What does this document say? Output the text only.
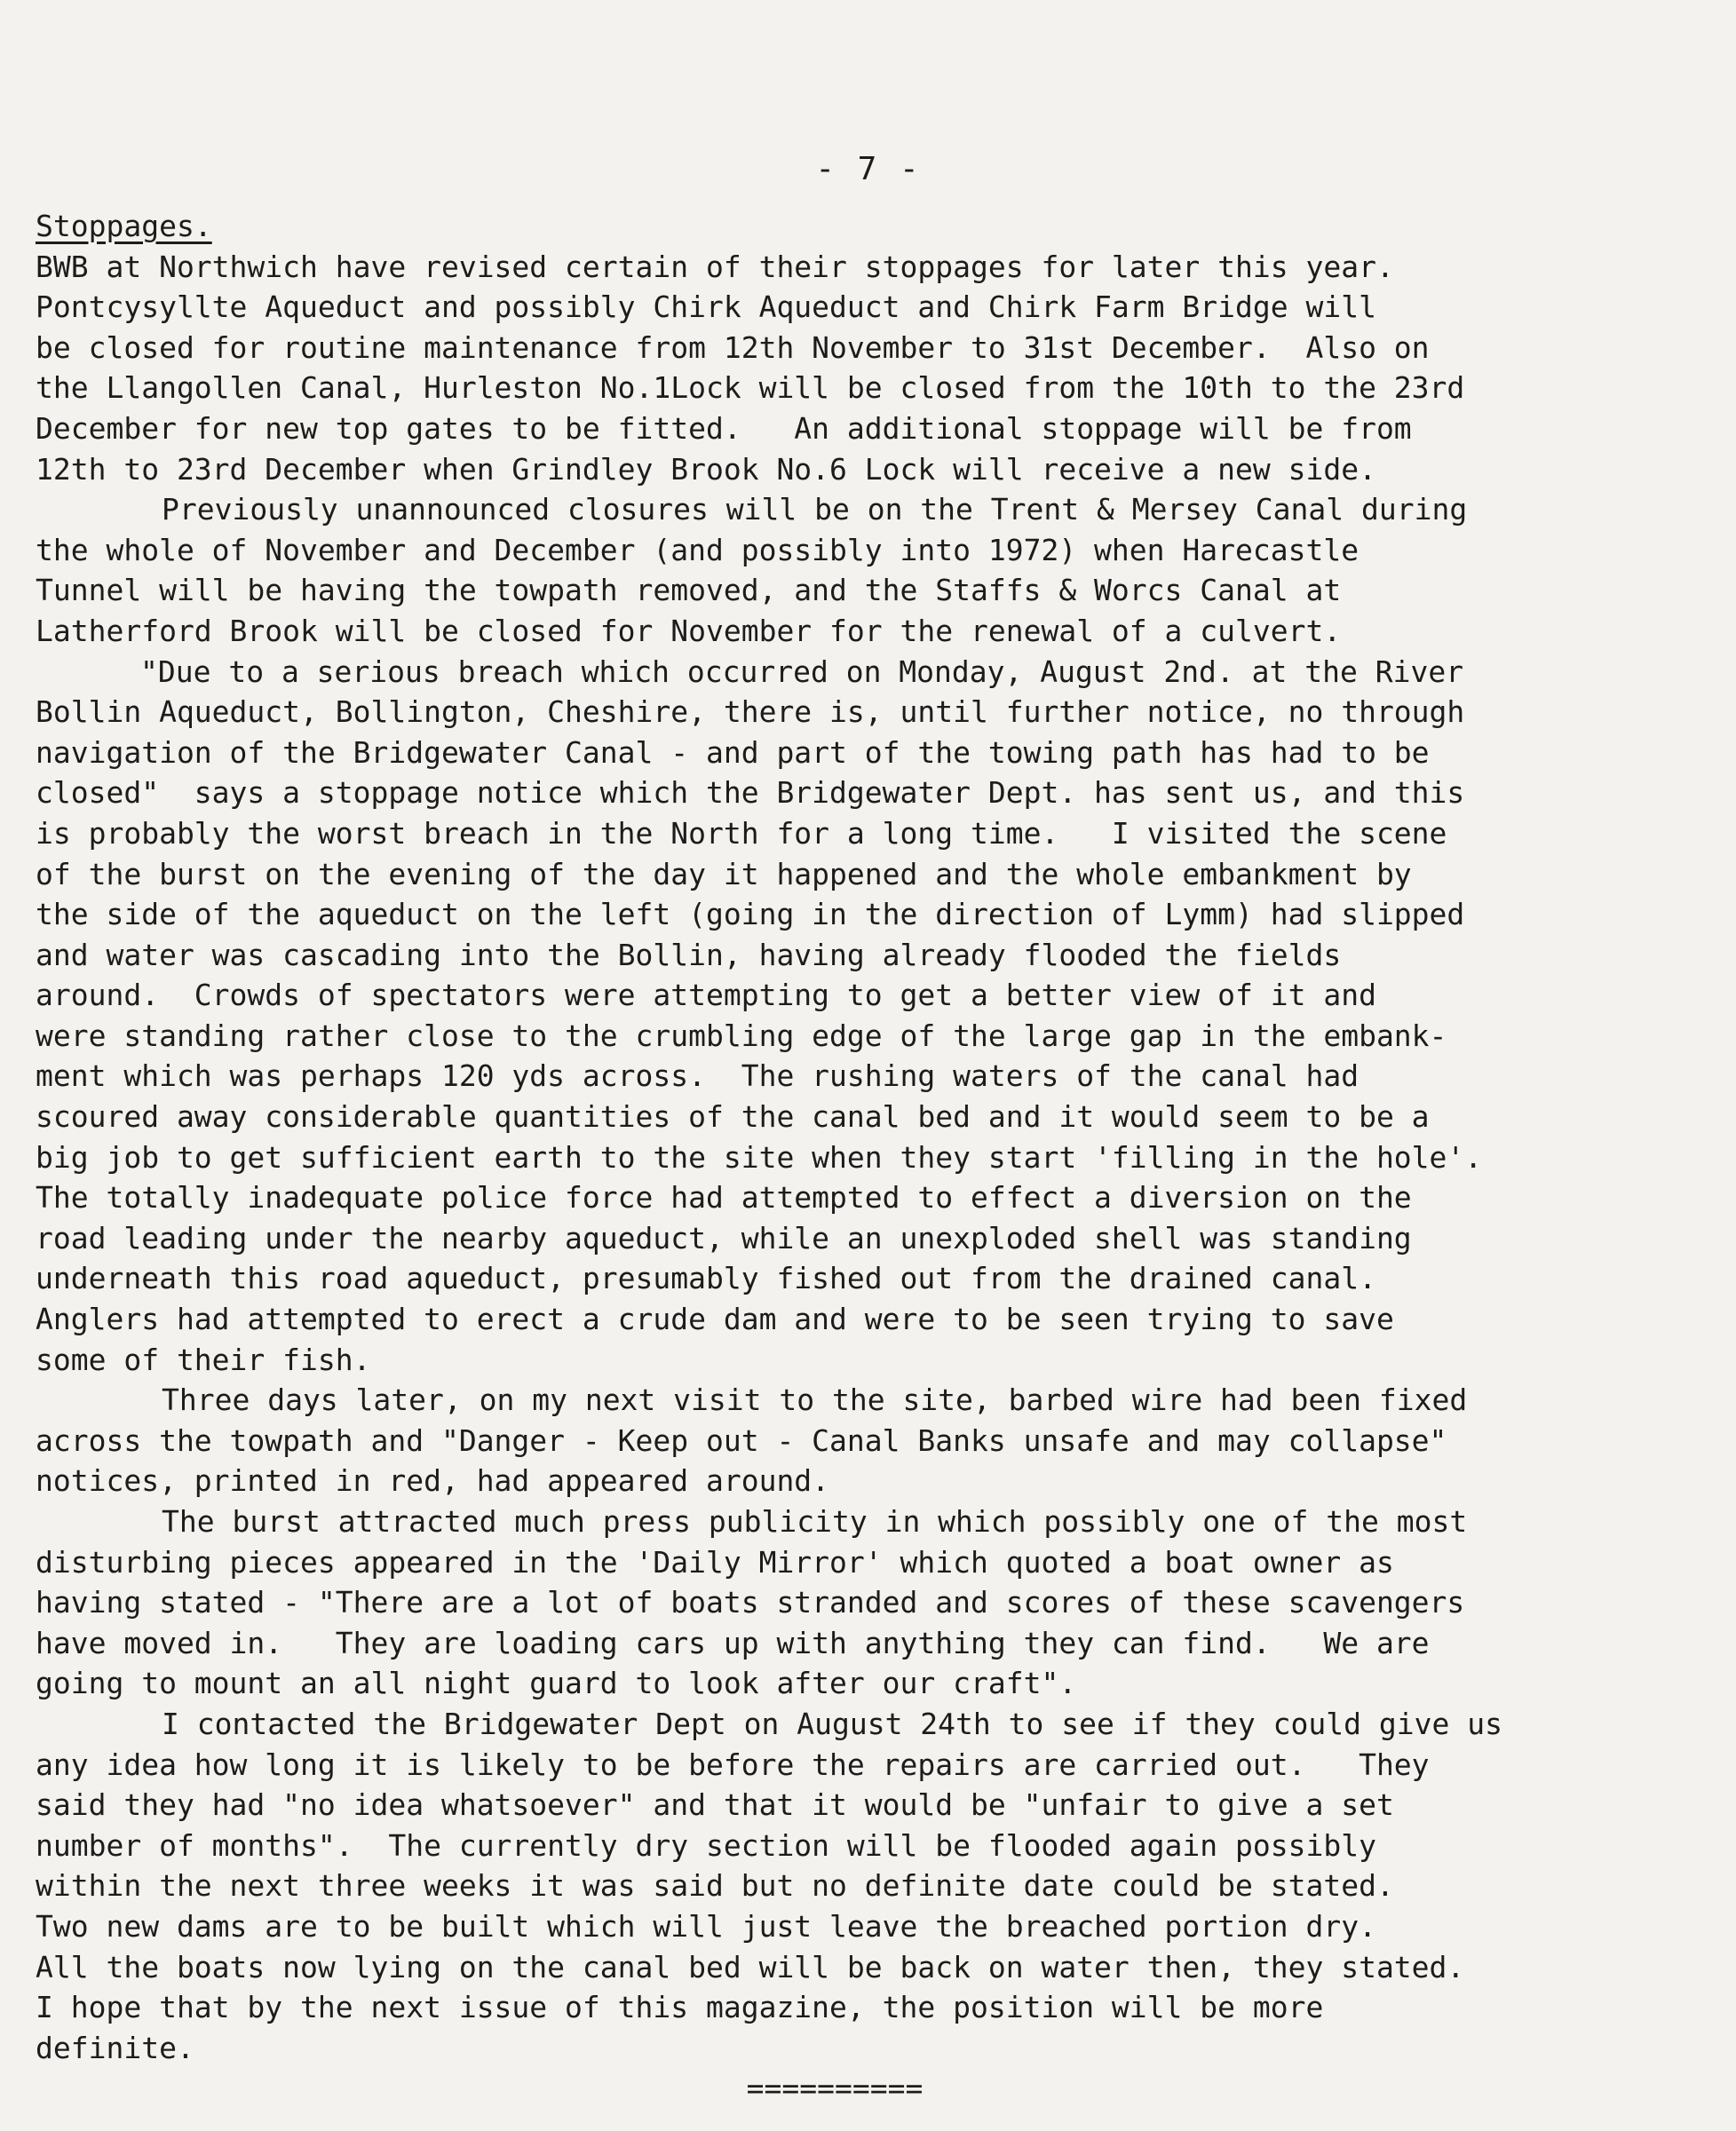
- 7 -
Stoppages.
BWB at Northwich have revised certain of their stoppages for later this year.
Pontcysyllte Aqueduct and possibly Chirk Aqueduct and Chirk Farm Bridge will
be closed for routine maintenance from 12th November to 31st December.  Also on
the Llangollen Canal, Hurleston No.1Lock will be closed from the 10th to the 23rd
December for new top gates to be fitted.   An additional stoppage will be from
12th to 23rd December when Grindley Brook No.6 Lock will receive a new side.
Previously unannounced closures will be on the Trent & Mersey Canal during
the whole of November and December (and possibly into 1972) when Harecastle
Tunnel will be having the towpath removed, and the Staffs & Worcs Canal at
Latherford Brook will be closed for November for the renewal of a culvert.
"Due to a serious breach which occurred on Monday, August 2nd. at the River
Bollin Aqueduct, Bollington, Cheshire, there is, until further notice, no through
navigation of the Bridgewater Canal - and part of the towing path has had to be
closed"  says a stoppage notice which the Bridgewater Dept. has sent us, and this
is probably the worst breach in the North for a long time.   I visited the scene
of the burst on the evening of the day it happened and the whole embankment by
the side of the aqueduct on the left (going in the direction of Lymm) had slipped
and water was cascading into the Bollin, having already flooded the fields
around.  Crowds of spectators were attempting to get a better view of it and
were standing rather close to the crumbling edge of the large gap in the embank-
ment which was perhaps 120 yds across.  The rushing waters of the canal had
scoured away considerable quantities of the canal bed and it would seem to be a
big job to get sufficient earth to the site when they start 'filling in the hole'.
The totally inadequate police force had attempted to effect a diversion on the
road leading under the nearby aqueduct, while an unexploded shell was standing
underneath this road aqueduct, presumably fished out from the drained canal.
Anglers had attempted to erect a crude dam and were to be seen trying to save
some of their fish.
Three days later, on my next visit to the site, barbed wire had been fixed
across the towpath and "Danger - Keep out - Canal Banks unsafe and may collapse"
notices, printed in red, had appeared around.
The burst attracted much press publicity in which possibly one of the most
disturbing pieces appeared in the 'Daily Mirror' which quoted a boat owner as
having stated - "There are a lot of boats stranded and scores of these scavengers
have moved in.   They are loading cars up with anything they can find.   We are
going to mount an all night guard to look after our craft".
I contacted the Bridgewater Dept on August 24th to see if they could give us
any idea how long it is likely to be before the repairs are carried out.   They
said they had "no idea whatsoever" and that it would be "unfair to give a set
number of months".  The currently dry section will be flooded again possibly
within the next three weeks it was said but no definite date could be stated.
Two new dams are to be built which will just leave the breached portion dry.
All the boats now lying on the canal bed will be back on water then, they stated.
I hope that by the next issue of this magazine, the position will be more
definite.
==========
